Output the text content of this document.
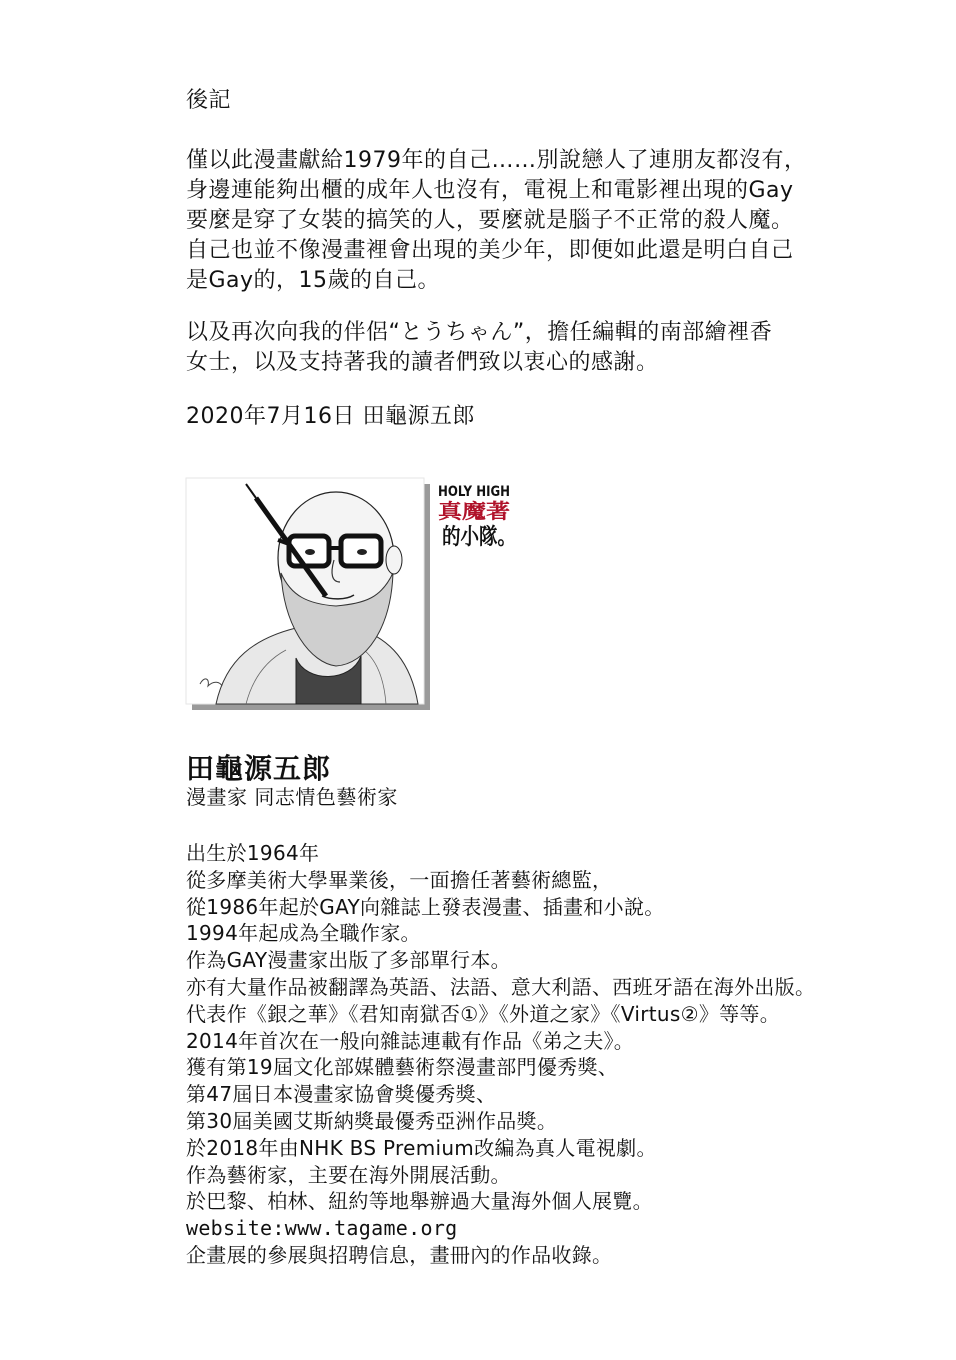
後記
僅以此漫畫獻給1979年的自己……別說戀人了連朋友都沒有，
身邊連能夠出櫃的成年人也沒有，電視上和電影裡出現的Gay
要麼是穿了女裝的搞笑的人，要麼就是腦子不正常的殺人魔。
自己也並不像漫畫裡會出現的美少年，即便如此還是明白自己
是Gay的，15歲的自己。
以及再次向我的伴侶“とうちゃん”，擔任編輯的南部繪裡香
女士，以及支持著我的讀者們致以衷心的感謝。
2020年7月16日 田龜源五郎
HOLY HIGH
真魔著
的小隊。
田龜源五郎
漫畫家 同志情色藝術家
出生於1964年
從多摩美術大學畢業後，一面擔任著藝術總監，
從1986年起於GAY向雜誌上發表漫畫、插畫和小說。
1994年起成為全職作家。
作為GAY漫畫家出版了多部單行本。
亦有大量作品被翻譯為英語、法語、意大利語、西班牙語在海外出版。
代表作《銀之華》《君知南獄否①》《外道之家》《Virtus②》等等。
2014年首次在一般向雜誌連載有作品《弟之夫》。
獲有第19屆文化部媒體藝術祭漫畫部門優秀獎、
第47屆日本漫畫家協會獎優秀獎、
第30屆美國艾斯納獎最優秀亞洲作品獎。
於2018年由NHK BS Premium改編為真人電視劇。
作為藝術家，主要在海外開展活動。
於巴黎、柏林、紐約等地舉辦過大量海外個人展覽。
website:www.tagame.org
企畫展的參展與招聘信息，畫冊內的作品收錄。
